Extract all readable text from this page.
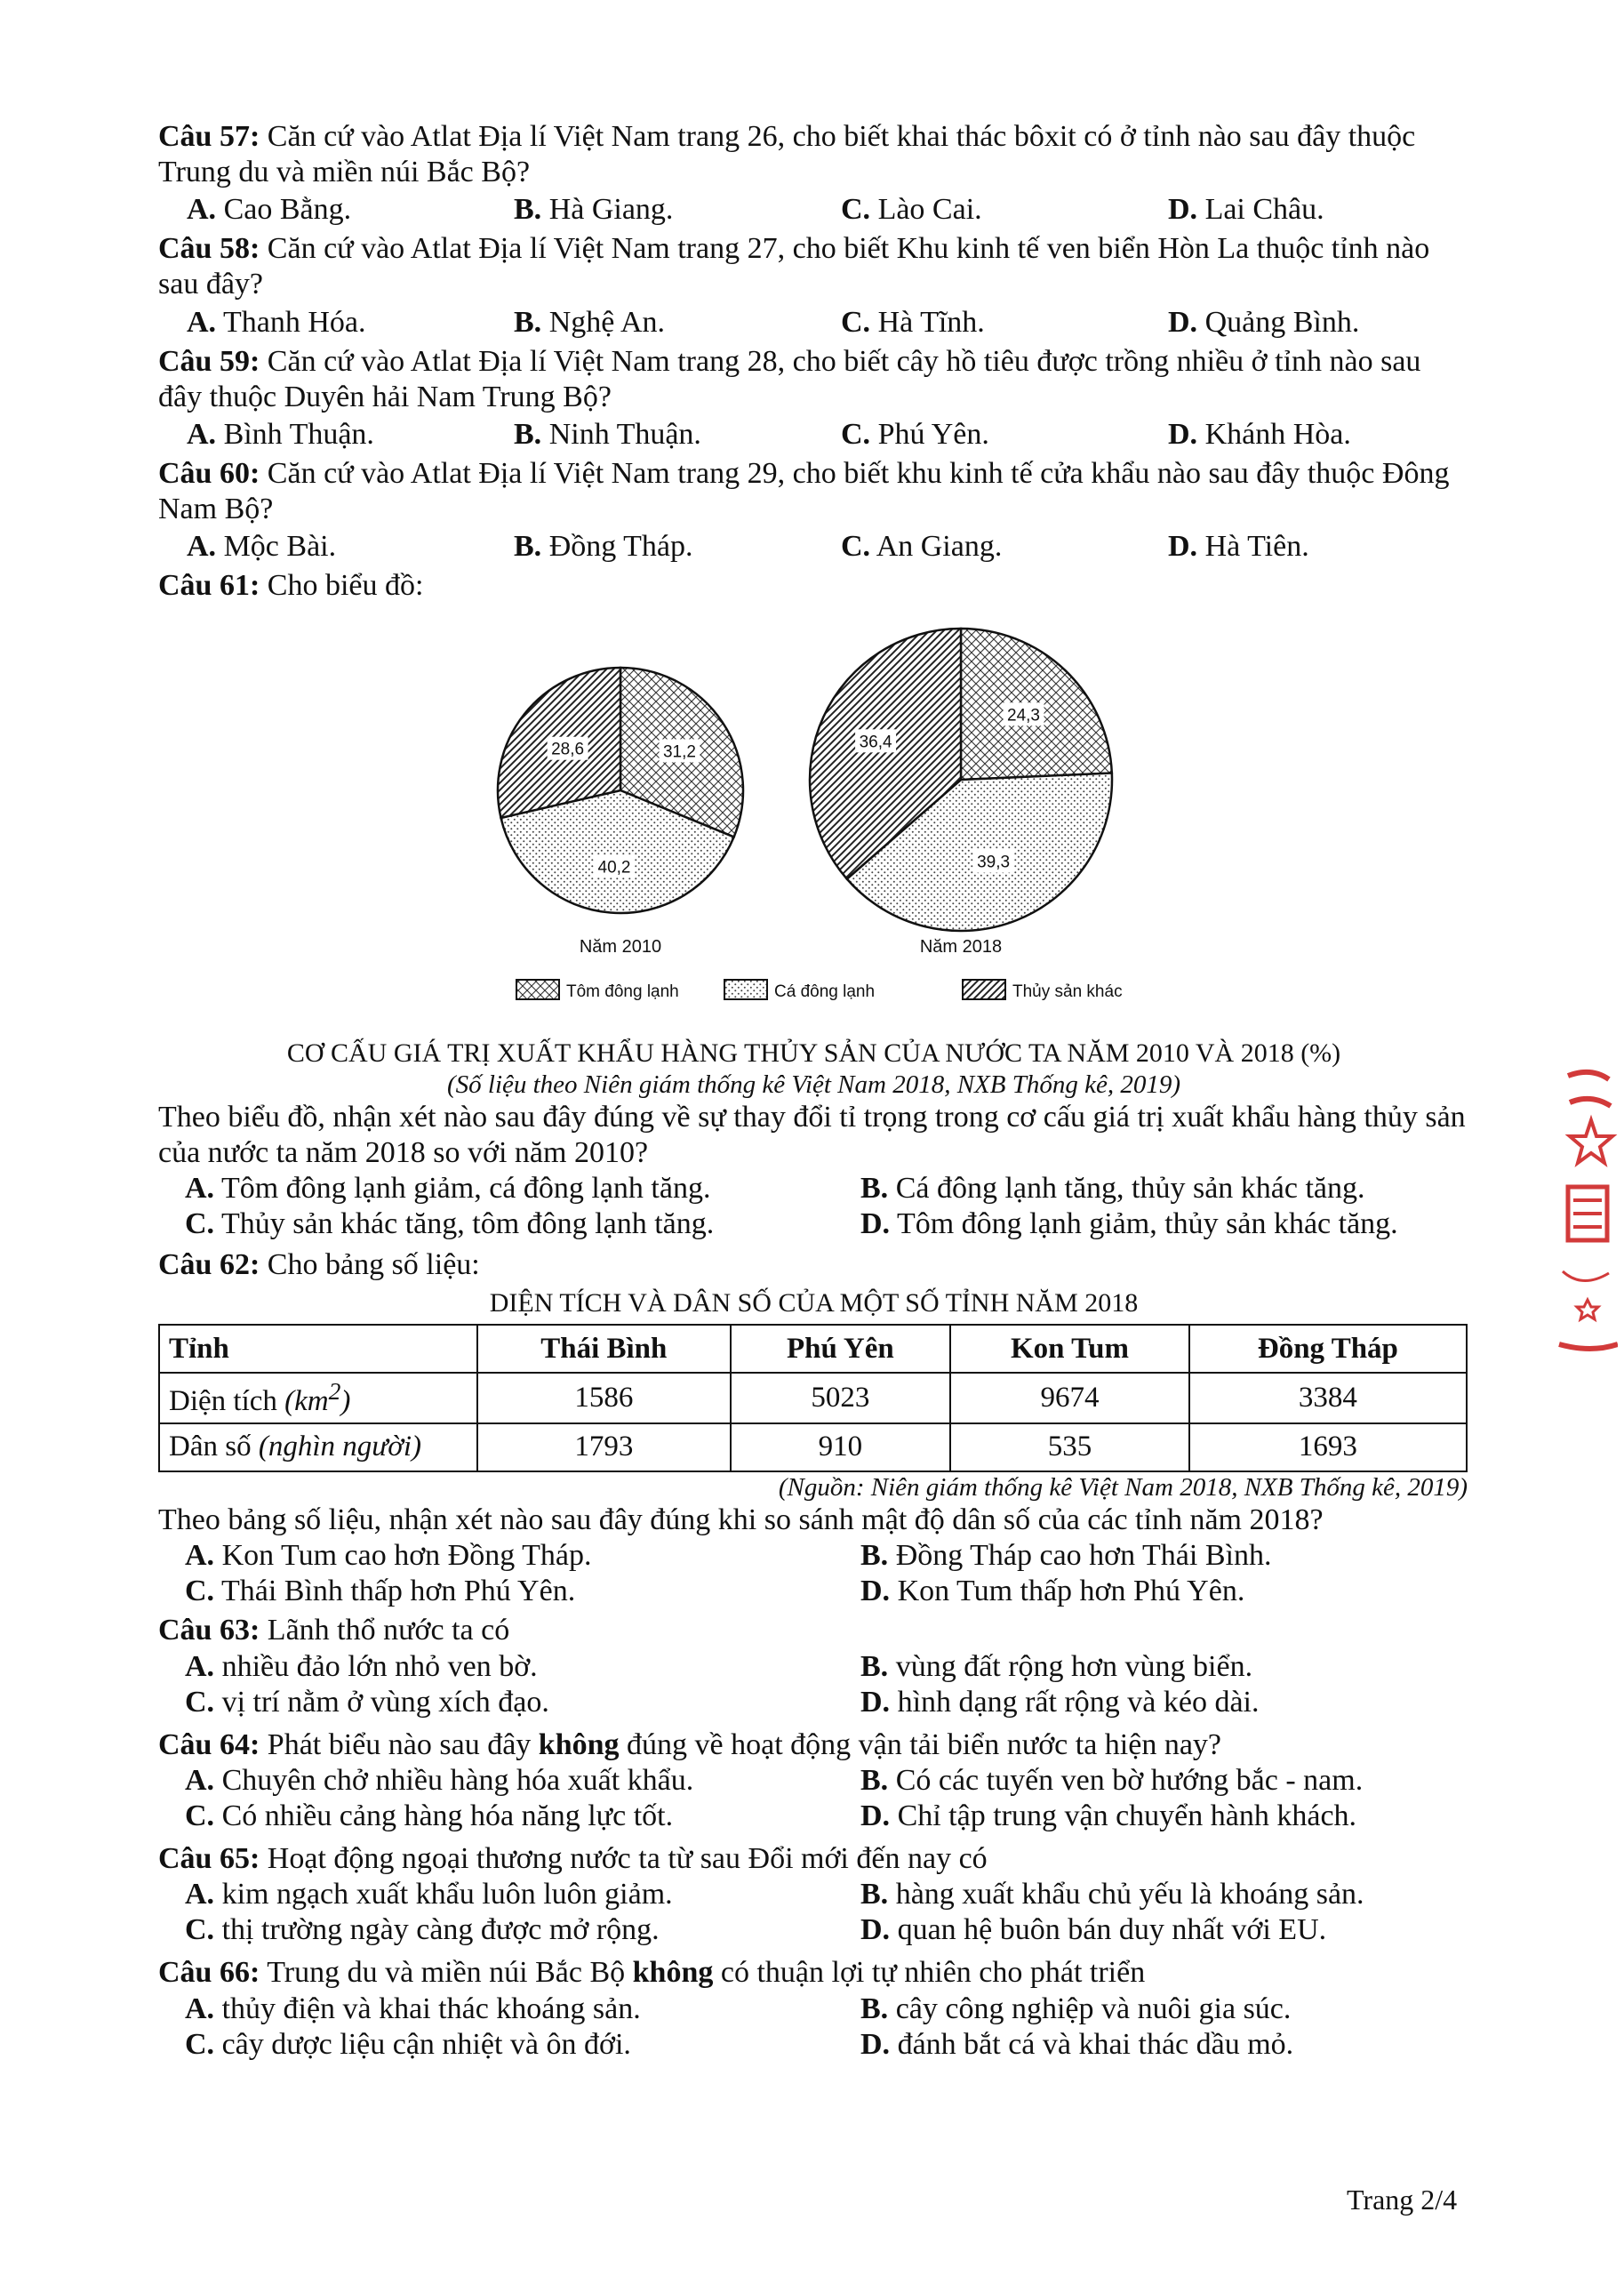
Câu 57: Căn cứ vào Atlat Địa lí Việt Nam trang 26, cho biết khai thác bôxit có ở tỉnh nào sau đây thuộc Trung du và miền núi Bắc Bộ?

A. Cao Bằng.	B. Hà Giang.	C. Lào Cai.	D. Lai Châu.

Câu 58: Căn cứ vào Atlat Địa lí Việt Nam trang 27, cho biết Khu kinh tế ven biển Hòn La thuộc tỉnh nào sau đây?

A. Thanh Hóa.	B. Nghệ An.	C. Hà Tĩnh.	D. Quảng Bình.

Câu 59: Căn cứ vào Atlat Địa lí Việt Nam trang 28, cho biết cây hồ tiêu được trồng nhiều ở tỉnh nào sau đây thuộc Duyên hải Nam Trung Bộ?

A. Bình Thuận.	B. Ninh Thuận.	C. Phú Yên.	D. Khánh Hòa.

Câu 60: Căn cứ vào Atlat Địa lí Việt Nam trang 29, cho biết khu kinh tế cửa khẩu nào sau đây thuộc Đông Nam Bộ?

A. Mộc Bài.	B. Đồng Tháp.	C. An Giang.	D. Hà Tiên.

Câu 61: Cho biểu đồ:

31,2
40,2
28,6
Năm 2010
24,3
39,3
36,4
Năm 2018
Tôm đông lạnh	Cá đông lạnh	Thủy sản khác
CƠ CẤU GIÁ TRỊ XUẤT KHẨU HÀNG THỦY SẢN CỦA NƯỚC TA NĂM 2010 VÀ 2018 (%)
(Số liệu theo Niên giám thống kê Việt Nam 2018, NXB Thống kê, 2019)

Theo biểu đồ, nhận xét nào sau đây đúng về sự thay đổi tỉ trọng trong cơ cấu giá trị xuất khẩu hàng thủy sản của nước ta năm 2018 so với năm 2010?

A. Tôm đông lạnh giảm, cá đông lạnh tăng.	B. Cá đông lạnh tăng, thủy sản khác tăng.
C. Thủy sản khác tăng, tôm đông lạnh tăng.	D. Tôm đông lạnh giảm, thủy sản khác tăng.

Câu 62: Cho bảng số liệu:

DIỆN TÍCH VÀ DÂN SỐ CỦA MỘT SỐ TỈNH NĂM 2018
Tỉnh	Thái Bình	Phú Yên	Kon Tum	Đồng Tháp
Diện tích $(km^2)$	1586	5023	9674	3384
Dân số (nghìn người)	1793	910	535	1693
(Nguồn: Niên giám thống kê Việt Nam 2018, NXB Thống kê, 2019)

Theo bảng số liệu, nhận xét nào sau đây đúng khi so sánh mật độ dân số của các tỉnh năm 2018?

A. Kon Tum cao hơn Đồng Tháp.	B. Đồng Tháp cao hơn Thái Bình.
C. Thái Bình thấp hơn Phú Yên.	D. Kon Tum thấp hơn Phú Yên.

Câu 63: Lãnh thổ nước ta có

A. nhiều đảo lớn nhỏ ven bờ.	B. vùng đất rộng hơn vùng biển.
C. vị trí nằm ở vùng xích đạo.	D. hình dạng rất rộng và kéo dài.

Câu 64: Phát biểu nào sau đây không đúng về hoạt động vận tải biển nước ta hiện nay?

A. Chuyên chở nhiều hàng hóa xuất khẩu.	B. Có các tuyến ven bờ hướng bắc - nam.
C. Có nhiều cảng hàng hóa năng lực tốt.	D. Chỉ tập trung vận chuyển hành khách.

Câu 65: Hoạt động ngoại thương nước ta từ sau Đổi mới đến nay có

A. kim ngạch xuất khẩu luôn luôn giảm.	B. hàng xuất khẩu chủ yếu là khoáng sản.
C. thị trường ngày càng được mở rộng.	D. quan hệ buôn bán duy nhất với EU.

Câu 66: Trung du và miền núi Bắc Bộ không có thuận lợi tự nhiên cho phát triển

A. thủy điện và khai thác khoáng sản.	B. cây công nghiệp và nuôi gia súc.
C. cây dược liệu cận nhiệt và ôn đới.	D. đánh bắt cá và khai thác dầu mỏ.
Trang 2/4
